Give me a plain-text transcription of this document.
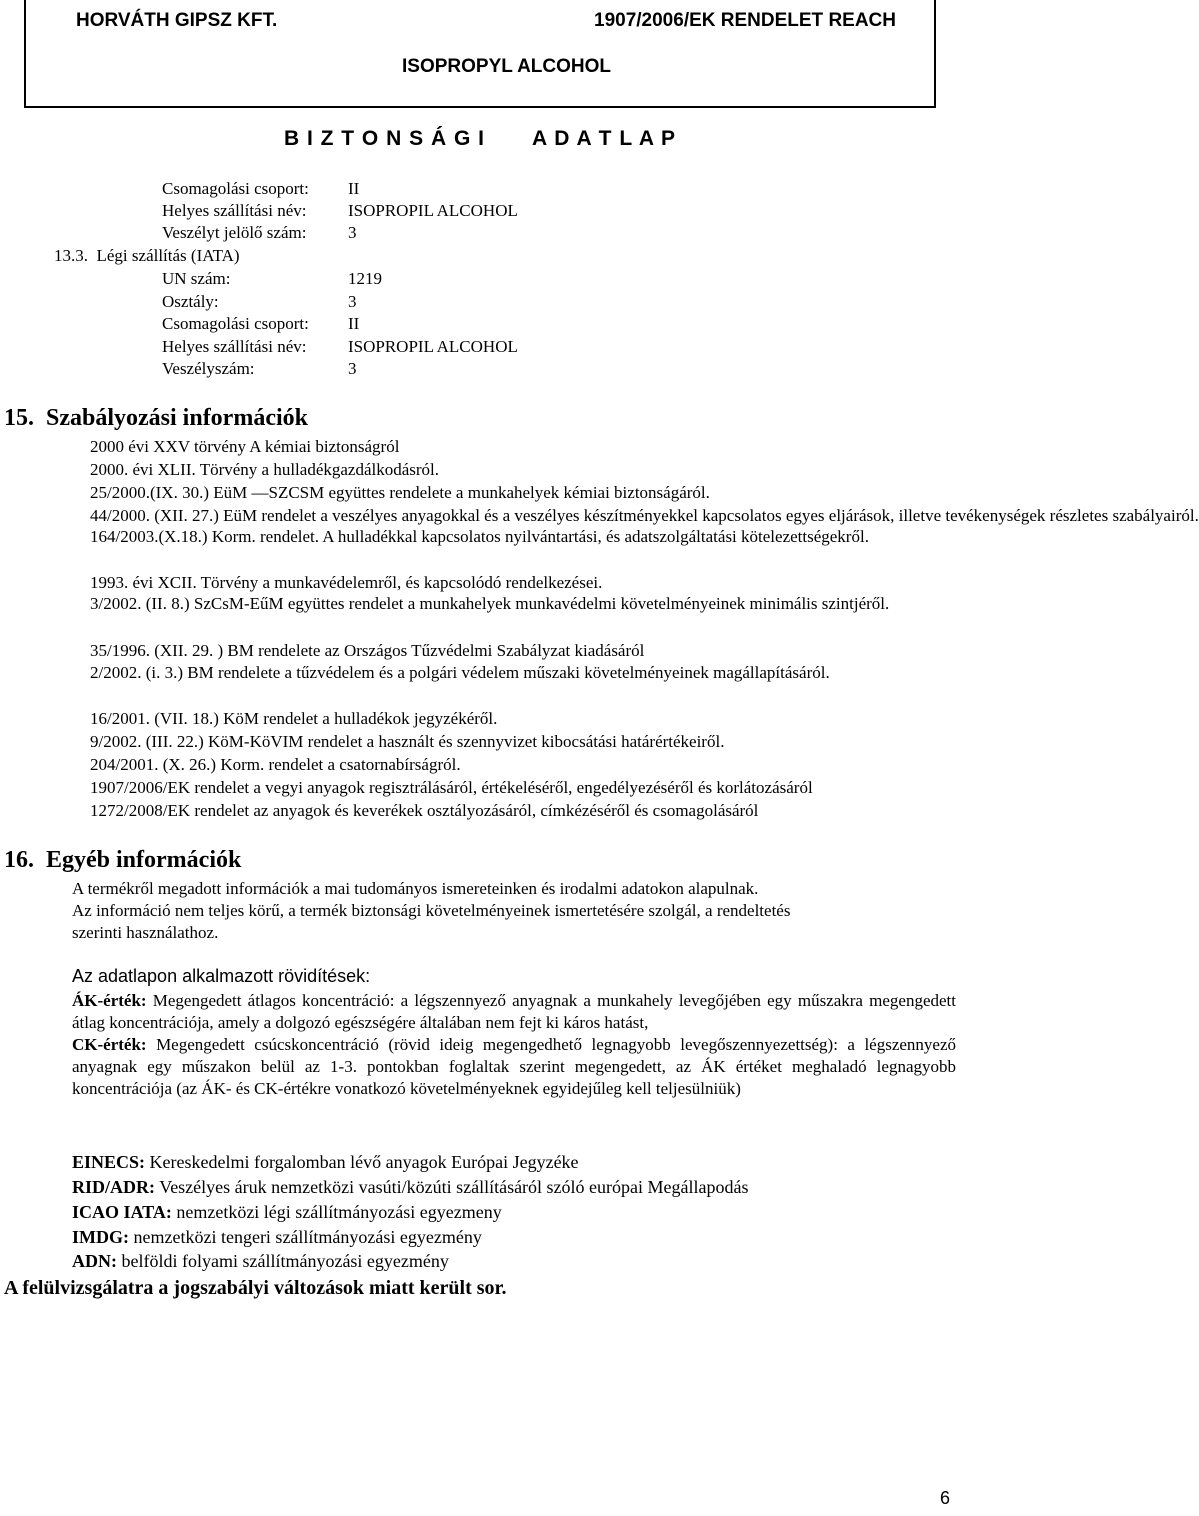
HORVÁTH GIPSZ KFT.	1907/2006/EK RENDELET REACH
ISOPROPYL ALCOHOL
B I Z T O N S Á G I       A D A T L A P
Csomagolási csoport: II
Helyes szállítási név: ISOPROPIL ALCOHOL
Veszélyt jelölő szám: 3
13.3.  Légi szállítás (IATA)
UN szám:	1219
Osztály:	3
Csomagolási csoport: II
Helyes szállítási név: ISOPROPIL ALCOHOL
Veszélyszám:	3
15.  Szabályozási információk
2000 évi XXV törvény A kémiai biztonságról
2000. évi XLII. Törvény a hulladékgazdálkodásról.
25/2000.(IX. 30.) EüM ―SZCSM együttes rendelete a munkahelyek kémiai biztonságáról.
44/2000. (XII. 27.) EüM rendelet a veszélyes anyagokkal és a veszélyes készítményekkel kapcsolatos egyes eljárások, illetve tevékenységek részletes szabályairól.
164/2003.(X.18.) Korm. rendelet. A hulladékkal kapcsolatos nyilvántartási, és adatszolgáltatási kötelezettségekről.
1993. évi XCII. Törvény a munkavédelemről, és kapcsolódó rendelkezései.
3/2002. (II. 8.) SzCsM-EűM együttes rendelet a munkahelyek munkavédelmi követelményeinek minimális szintjéről.
35/1996. (XII. 29. ) BM rendelete az Országos Tűzvédelmi Szabályzat kiadásáról
2/2002. (i. 3.) BM rendelete a tűzvédelem és a polgári védelem műszaki követelményeinek magállapításáról.
16/2001. (VII. 18.) KöM rendelet a hulladékok jegyzékéről.
9/2002. (III. 22.) KöM-KöVIM rendelet a használt és szennyvizet kibocsátási határértékeiről.
204/2001. (X. 26.) Korm. rendelet a csatornabírságról.
1907/2006/EK rendelet a vegyi anyagok regisztrálásáról, értékeléséről, engedélyezéséről és korlátozásáról
1272/2008/EK rendelet az anyagok és keverékek osztályozásáról, címkézéséről és csomagolásáról
16.  Egyéb információk
A termékről megadott információk a mai tudományos ismereteinken és irodalmi adatokon alapulnak.
Az információ nem teljes körű, a termék biztonsági követelményeinek ismertetésére szolgál, a rendeltetés szerinti használathoz.
Az adatlapon alkalmazott rövidítések:
ÁK-érték: Megengedett átlagos koncentráció: a légszennyező anyagnak a munkahely levegőjében egy műszakra megengedett átlag koncentrációja, amely a dolgozó egészségére általában nem fejt ki káros hatást,
CK-érték: Megengedett csúcskoncentráció (rövid ideig megengedhető legnagyobb levegőszennyezettség): a légszennyező anyagnak egy műszakon belül az 1-3. pontokban foglaltak szerint megengedett, az ÁK értéket meghaladó legnagyobb koncentrációja (az ÁK- és CK-értékre vonatkozó követelményeknek egyidejűleg kell teljesülniük)
EINECS: Kereskedelmi forgalomban lévő anyagok Európai Jegyzéke
RID/ADR: Veszélyes áruk nemzetközi vasúti/közúti szállításáról szóló európai Megállapodás
ICAO IATA: nemzetközi légi szállítmányozási egyezmeny
IMDG: nemzetközi tengeri szállítmányozási egyezmény
ADN: belföldi folyami szállítmányozási egyezmény
A felülvizsgálatra a jogszabályi változások miatt került sor.
6
